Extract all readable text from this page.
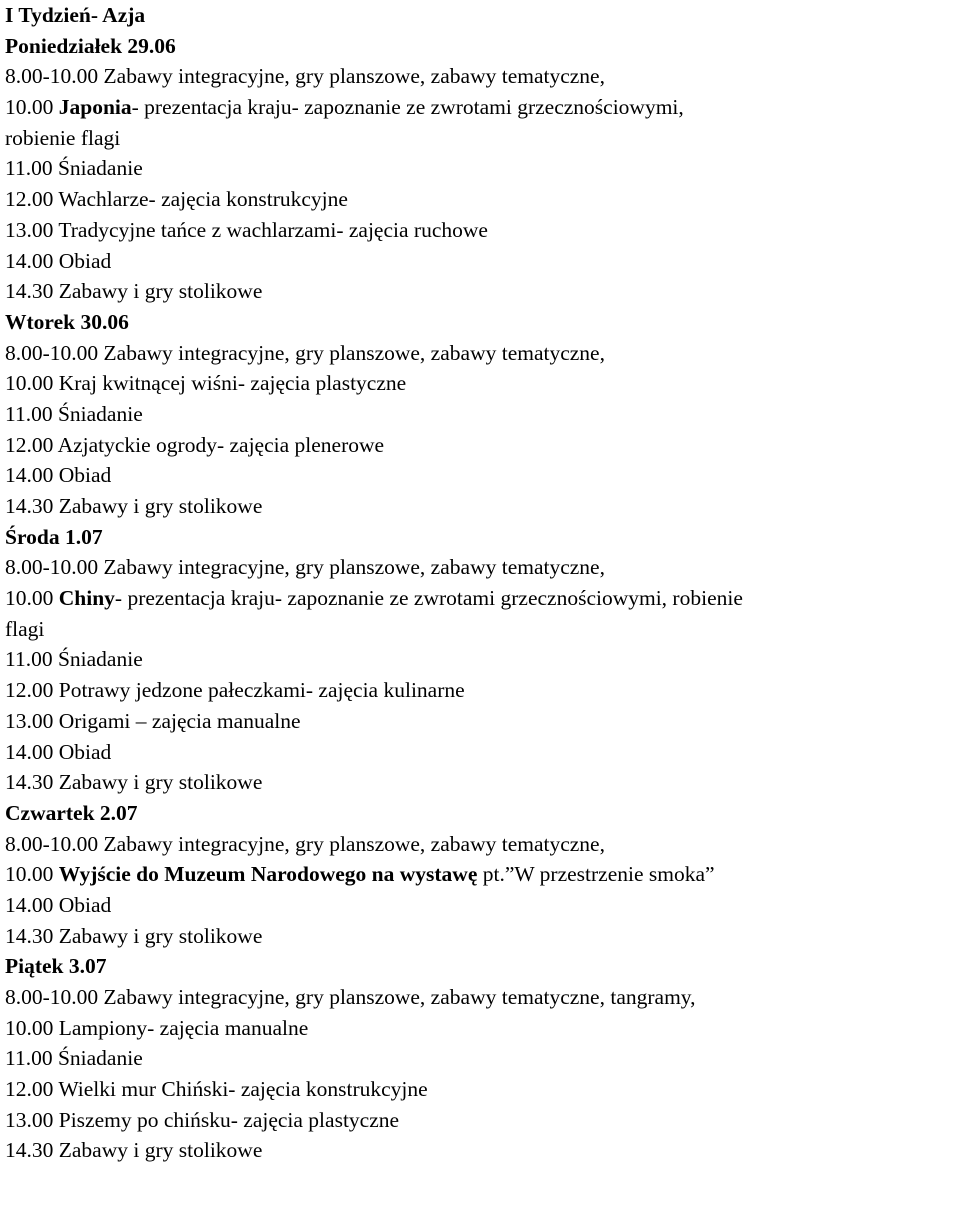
I Tydzień- Azja
Poniedziałek 29.06
8.00-10.00 Zabawy integracyjne, gry planszowe, zabawy tematyczne,
10.00 Japonia- prezentacja kraju- zapoznanie ze zwrotami grzecznościowymi,
robienie flagi
11.00 Śniadanie
12.00 Wachlarze- zajęcia konstrukcyjne
13.00 Tradycyjne tańce z wachlarzami- zajęcia ruchowe
14.00 Obiad
14.30 Zabawy i gry stolikowe
Wtorek 30.06
8.00-10.00 Zabawy integracyjne, gry planszowe, zabawy tematyczne,
10.00 Kraj kwitnącej wiśni- zajęcia plastyczne
11.00 Śniadanie
12.00 Azjatyckie ogrody- zajęcia plenerowe
14.00 Obiad
14.30 Zabawy i gry stolikowe
Środa 1.07
8.00-10.00 Zabawy integracyjne, gry planszowe, zabawy tematyczne,
10.00 Chiny- prezentacja kraju- zapoznanie ze zwrotami grzecznościowymi, robienie
flagi
11.00 Śniadanie
12.00 Potrawy jedzone pałeczkami- zajęcia kulinarne
13.00 Origami – zajęcia manualne
14.00 Obiad
14.30 Zabawy i gry stolikowe
Czwartek 2.07
8.00-10.00 Zabawy integracyjne, gry planszowe, zabawy tematyczne,
10.00 Wyjście do Muzeum Narodowego na wystawę pt.”W przestrzenie smoka”
14.00 Obiad
14.30 Zabawy i gry stolikowe
Piątek 3.07
8.00-10.00 Zabawy integracyjne, gry planszowe, zabawy tematyczne, tangramy,
10.00 Lampiony- zajęcia manualne
11.00 Śniadanie
12.00 Wielki mur Chiński- zajęcia konstrukcyjne
13.00 Piszemy po chińsku- zajęcia plastyczne
14.30 Zabawy i gry stolikowe
